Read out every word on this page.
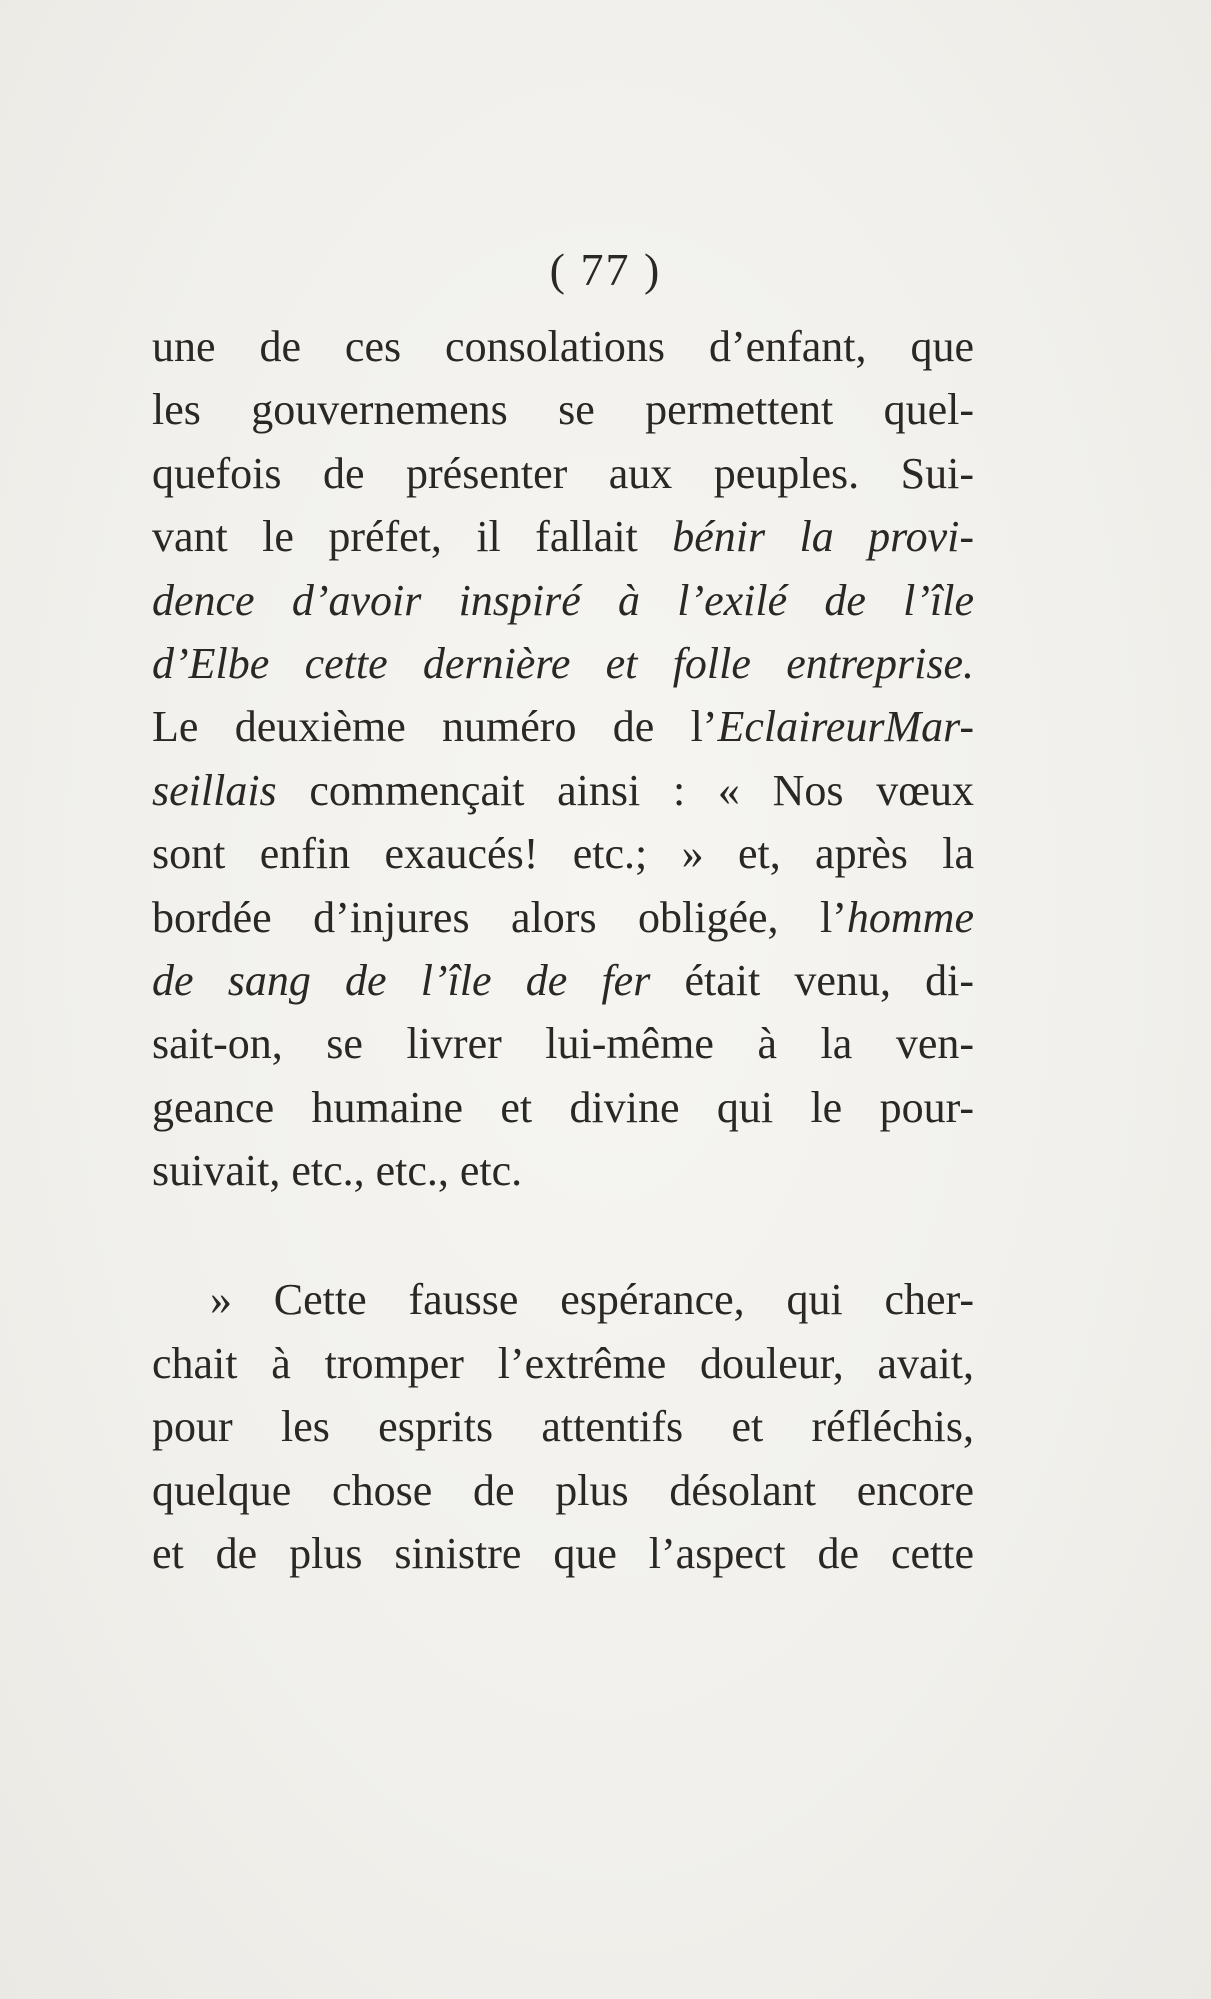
( 77 )
une de ces consolations d’enfant, que
les gouvernemens se permettent quel-
quefois de présenter aux peuples. Sui-
vant le préfet, il fallait bénir la provi-
dence d’avoir inspiré à l’exilé de l’île
d’Elbe cette dernière et folle entreprise.
Le deuxième numéro de l’EclaireurMar-
seillais commençait ainsi : « Nos vœux
sont enfin exaucés! etc.; » et, après la
bordée d’injures alors obligée, l’homme
de sang de l’île de fer était venu, di-
sait-on, se livrer lui-même à la ven-
geance humaine et divine qui le pour-
suivait, etc., etc., etc.
» Cette fausse espérance, qui cher-
chait à tromper l’extrême douleur, avait,
pour les esprits attentifs et réfléchis,
quelque chose de plus désolant encore
et de plus sinistre que l’aspect de cette
